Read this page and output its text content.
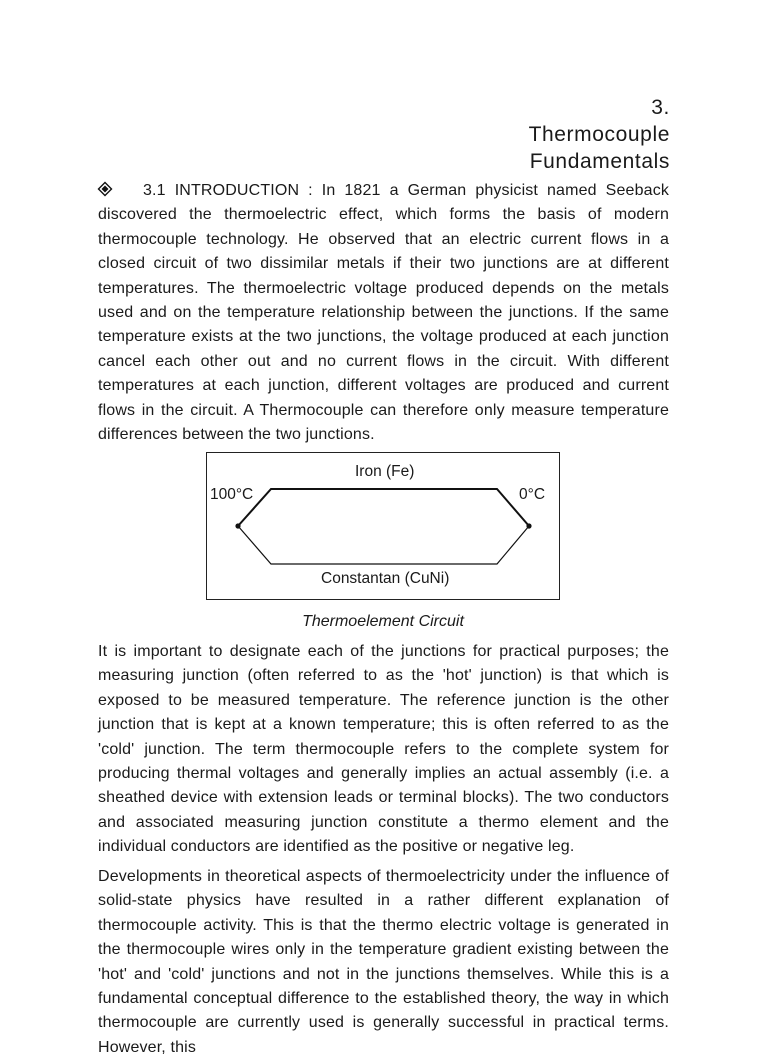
3.
Thermocouple
Fundamentals
3.1 INTRODUCTION : In 1821 a German physicist named Seeback discovered the thermoelectric effect, which forms the basis of modern thermocouple technology. He observed that an electric current flows in a closed circuit of two dissimilar metals if their two junctions are at different temperatures. The thermoelectric voltage produced depends on the metals used and on the temperature relationship between the junctions. If the same temperature exists at the two junctions, the voltage produced at each junction cancel each other out and no current flows in the circuit. With different temperatures at each junction, different voltages are produced and current flows in the circuit. A Thermocouple can therefore only measure temperature differences between the two junctions.
Iron (Fe)
100°C	0°C
Constantan (CuNi)
Thermoelement Circuit
It is important to designate each of the junctions for practical purposes; the measuring junction (often referred to as the 'hot' junction) is that which is exposed to be measured temperature. The reference junction is the other junction that is kept at a known temperature; this is often referred to as the 'cold' junction. The term thermocouple refers to the complete system for producing thermal voltages and generally implies an actual assembly (i.e. a sheathed device with extension leads or terminal blocks). The two conductors and associated measuring junction constitute a thermo element and the individual conductors are identified as the positive or negative leg.
Developments in theoretical aspects of thermoelectricity under the influence of solid-state physics have resulted in a rather different explanation of thermocouple activity. This is that the thermo electric voltage is generated in the thermocouple wires only in the temperature gradient existing between the 'hot' and 'cold' junctions and not in the junctions themselves. While this is a fundamental conceptual difference to the established theory, the way in which thermocouple are currently used is generally successful in practical terms. However, this
